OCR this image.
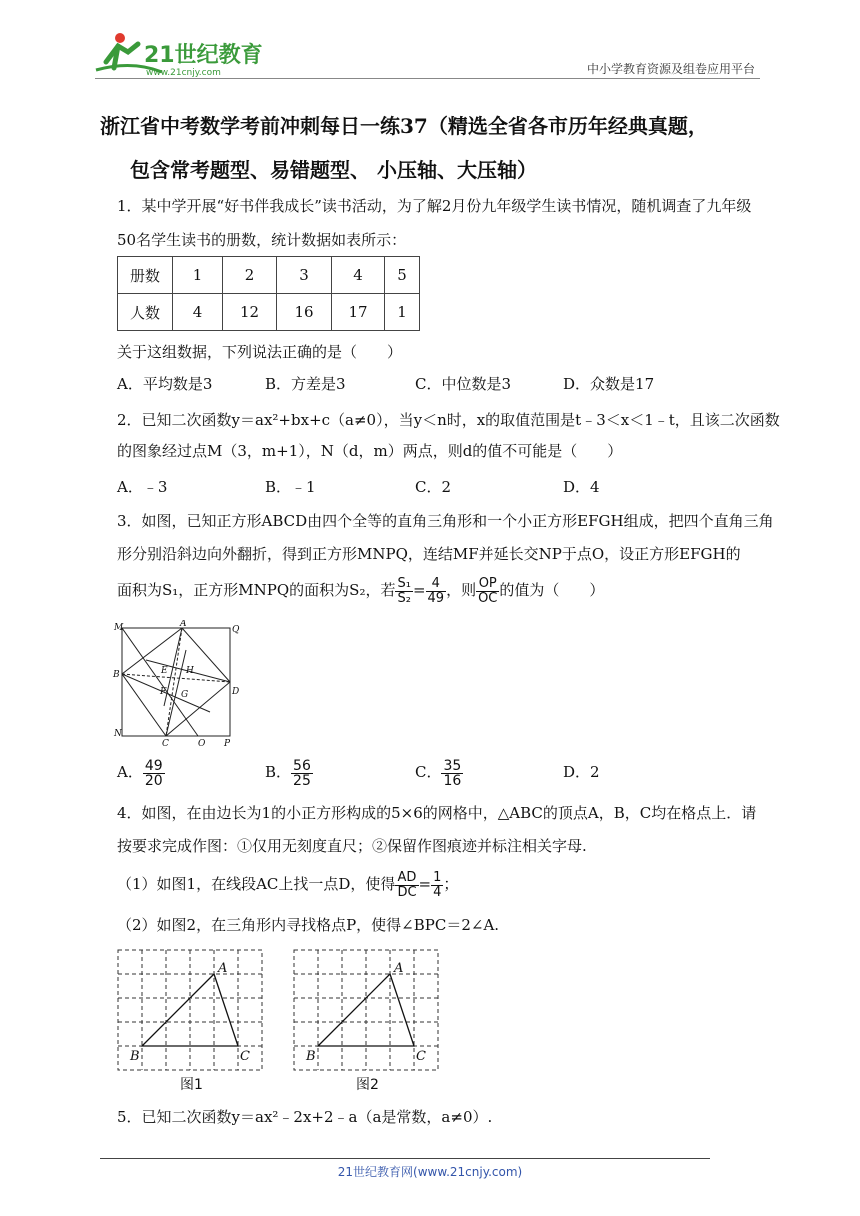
21世纪教育
www.21cnjy.com	中小学教育资源及组卷应用平台
浙江省中考数学考前冲刺每日一练37（精选全省各市历年经典真题，
包含常考题型、易错题型、 小压轴、大压轴）
1．某中学开展“好书伴我成长”读书活动，为了解2月份九年级学生读书情况，随机调查了九年级
50名学生读书的册数，统计数据如表所示：
册数	1	2	3	4	5
人数	4	12	16	17	1
关于这组数据，下列说法正确的是（　　）
A．平均数是3	B．方差是3	C．中位数是3	D．众数是17
2．已知二次函数y＝ax²+bx+c（a≠0），当y＜n时，x的取值范围是t﹣3＜x＜1﹣t，且该二次函数
的图象经过点M（3，m+1），N（d，m）两点，则d的值不可能是（　　）
A．﹣3	B．﹣1	C．2	D．4
3．如图，已知正方形ABCD由四个全等的直角三角形和一个小正方形EFGH组成，把四个直角三角
形分别沿斜边向外翻折，得到正方形MNPQ，连结MF并延长交NP于点O，设正方形EFGH的
面积为S₁，正方形MNPQ的面积为S₂，若 $\frac{\text{S₁}}{\text{S₂}} = \frac{4}{49}$ ，则 $\frac{OP}{OC}$ 的值为（　　）
M	A
Q
B	E H
F G	D
N
C	O P
A． $\frac{49}{20}$	B． $\frac{56}{25}$	C． $\frac{35}{16}$	D．2
4．如图，在由边长为1的小正方形构成的5×6的网格中，△ABC的顶点A，B，C均在格点上．请
按要求完成作图：①仅用无刻度直尺；②保留作图痕迹并标注相关字母.
（1）如图1，在线段AC上找一点D，使得 $\frac{AD}{DC} = \frac{1}{4}$ ；
（2）如图2，在三角形内寻找格点P，使得∠BPC＝2∠A.
A
B	C
图1
A
B	C
图2
5．已知二次函数y＝ax²﹣2x+2﹣a（a是常数，a≠0）.
21世纪教育网(www.21cnjy.com)
